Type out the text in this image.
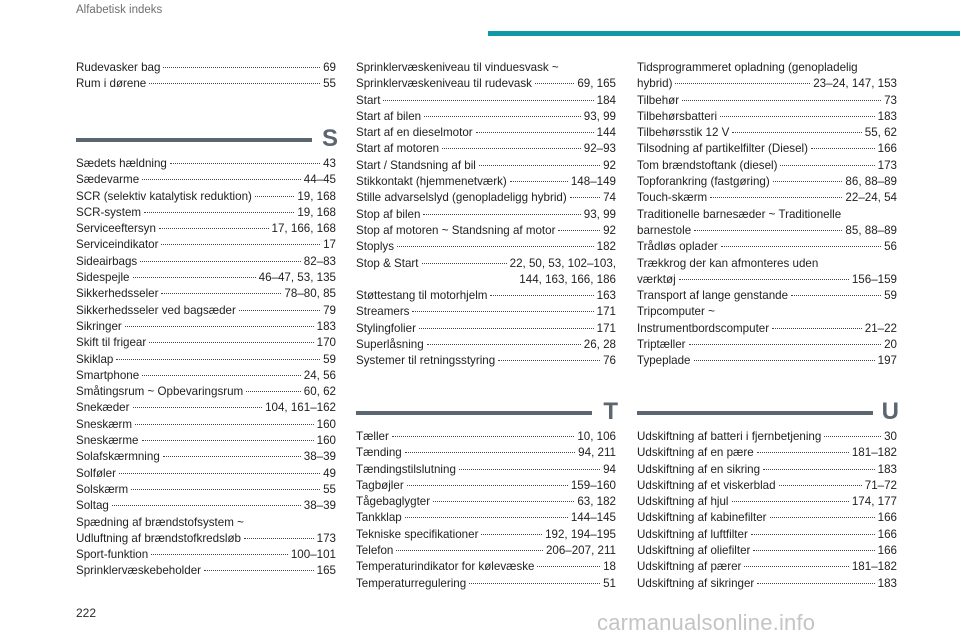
Alfabetisk indeks
Rudevasker bag	69
Rum i dørene	55
S
Sædets hældning	43
Sædevarme	44–45
SCR (selektiv katalytisk reduktion)	19, 168
SCR-system	19, 168
Serviceeftersyn	17, 166, 168
Serviceindikator	17
Sideairbags	82–83
Sidespejle	46–47, 53, 135
Sikkerhedsseler	78–80, 85
Sikkerhedsseler ved bagsæder	79
Sikringer	183
Skift til frigear	170
Skiklap	59
Smartphone	24, 56
Småtingsrum ~ Opbevaringsrum	60, 62
Snekæder	104, 161–162
Sneskærm	160
Sneskærme	160
Solafskærmning	38–39
Solføler	49
Solskærm	55
Soltag	38–39
Spædning af brændstofsystem ~
Udluftning af brændstofkredsløb	173
Sport-funktion	100–101
Sprinklervæskebeholder	165
Sprinklervæskeniveau til vinduesvask ~
Sprinklervæskeniveau til rudevask	69, 165
Start	184
Start af bilen	93, 99
Start af en dieselmotor	144
Start af motoren	92–93
Start / Standsning af bil	92
Stikkontakt (hjemmenetværk)	148–149
Stille advarselslyd (genopladeligg hybrid)	74
Stop af bilen	93, 99
Stop af motoren ~ Standsning af motor	92
Stoplys	182
Stop & Start	22, 50, 53, 102–103,
144, 163, 166, 186
Støttestang til motorhjelm	163
Streamers	171
Stylingfolier	171
Superlåsning	26, 28
Systemer til retningsstyring	76
T
Tæller	10, 106
Tænding	94, 211
Tændingstilslutning	94
Tagbøjler	159–160
Tågebaglygter	63, 182
Tankklap	144–145
Tekniske specifikationer	192, 194–195
Telefon	206–207, 211
Temperaturindikator for kølevæske	18
Temperaturregulering	51
Tidsprogrammeret opladning (genopladelig
hybrid)	23–24, 147, 153
Tilbehør	73
Tilbehørsbatteri	183
Tilbehørsstik 12 V	55, 62
Tilsodning af partikelfilter (Diesel)	166
Tom brændstoftank (diesel)	173
Topforankring (fastgøring)	86, 88–89
Touch-skærm	22–24, 54
Traditionelle barnesæder ~ Traditionelle
barnestole	85, 88–89
Trådløs oplader	56
Trækkrog der kan afmonteres uden
værktøj	156–159
Transport af lange genstande	59
Tripcomputer ~
Instrumentbordscomputer	21–22
Triptæller	20
Typeplade	197
U
Udskiftning af batteri i fjernbetjening	30
Udskiftning af en pære	181–182
Udskiftning af en sikring	183
Udskiftning af et viskerblad	71–72
Udskiftning af hjul	174, 177
Udskiftning af kabinefilter	166
Udskiftning af luftfilter	166
Udskiftning af oliefilter	166
Udskiftning af pærer	181–182
Udskiftning af sikringer	183
222	carmanualsonline.info
